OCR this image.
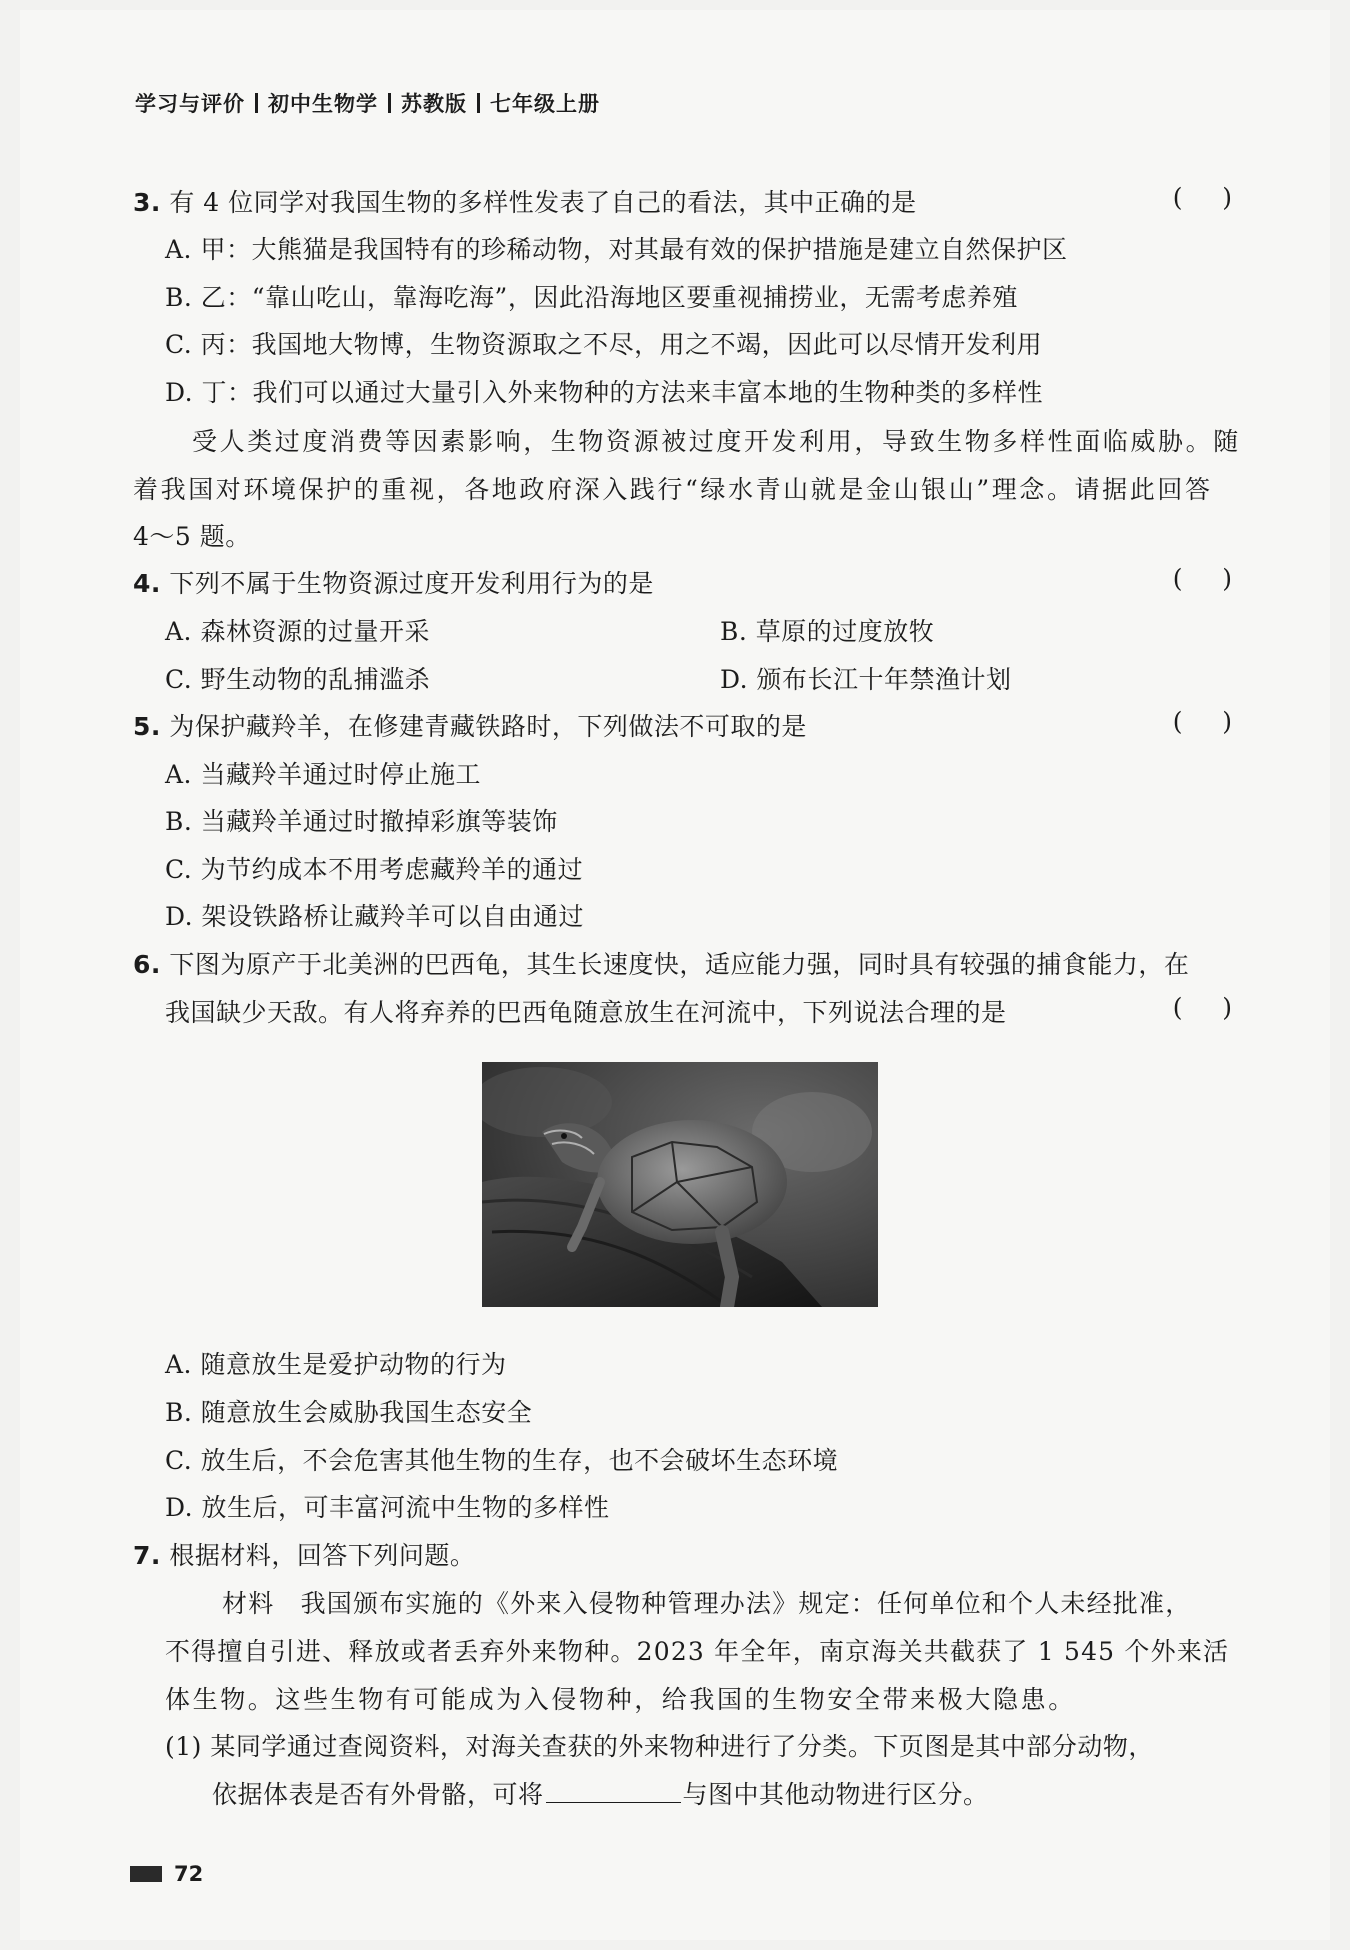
学习与评价 初中生物学 苏教版 七年级上册
3. 有 4 位同学对我国生物的多样性发表了自己的看法，其中正确的是	(     )
A. 甲：大熊猫是我国特有的珍稀动物，对其最有效的保护措施是建立自然保护区
B. 乙：“靠山吃山，靠海吃海”，因此沿海地区要重视捕捞业，无需考虑养殖
C. 丙：我国地大物博，生物资源取之不尽，用之不竭，因此可以尽情开发利用
D. 丁：我们可以通过大量引入外来物种的方法来丰富本地的生物种类的多样性
受人类过度消费等因素影响，生物资源被过度开发利用，导致生物多样性面临威胁。随
着我国对环境保护的重视，各地政府深入践行“绿水青山就是金山银山”理念。请据此回答
4～5 题。
4. 下列不属于生物资源过度开发利用行为的是	(     )
A. 森林资源的过量开采	B. 草原的过度放牧
C. 野生动物的乱捕滥杀	D. 颁布长江十年禁渔计划
5. 为保护藏羚羊，在修建青藏铁路时，下列做法不可取的是	(     )
A. 当藏羚羊通过时停止施工
B. 当藏羚羊通过时撤掉彩旗等装饰
C. 为节约成本不用考虑藏羚羊的通过
D. 架设铁路桥让藏羚羊可以自由通过
6. 下图为原产于北美洲的巴西龟，其生长速度快，适应能力强，同时具有较强的捕食能力，在
我国缺少天敌。有人将弃养的巴西龟随意放生在河流中，下列说法合理的是	(     )
A. 随意放生是爱护动物的行为
B. 随意放生会威胁我国生态安全
C. 放生后，不会危害其他生物的生存，也不会破坏生态环境
D. 放生后，可丰富河流中生物的多样性
7. 根据材料，回答下列问题。
材料　我国颁布实施的《外来入侵物种管理办法》规定：任何单位和个人未经批准，
不得擅自引进、释放或者丢弃外来物种。2023 年全年，南京海关共截获了 1 545 个外来活
体生物。这些生物有可能成为入侵物种，给我国的生物安全带来极大隐患。
(1) 某同学通过查阅资料，对海关查获的外来物种进行了分类。下页图是其中部分动物，
依据体表是否有外骨骼，可将	与图中其他动物进行区分。
72
